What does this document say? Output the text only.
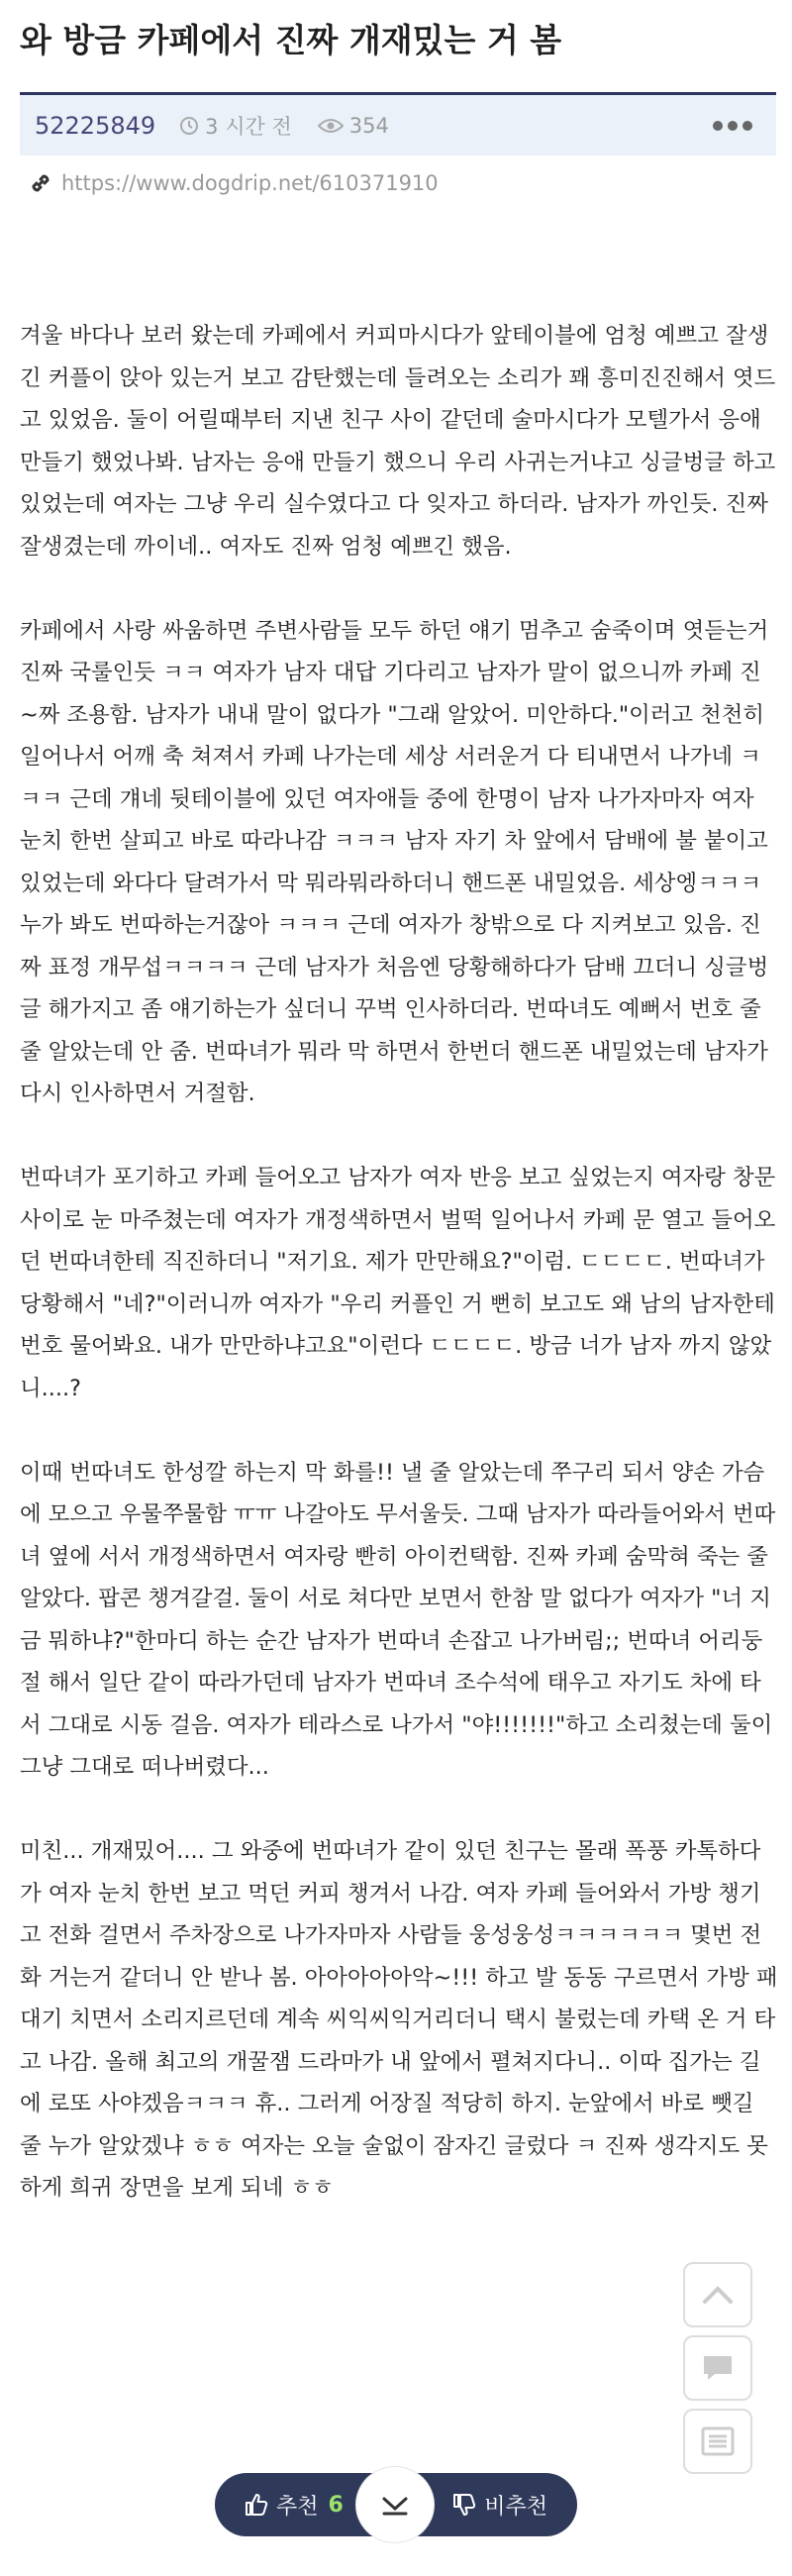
와 방금 카페에서 진짜 개재밌는 거 봄
52225849 3 시간 전	354
https://www.dogdrip.net/610371910

겨울 바다나 보러 왔는데 카페에서 커피마시다가 앞테이블에 엄청 예쁘고 잘생긴 커플이 앉아 있는거 보고 감탄했는데 들려오는 소리가 꽤 흥미진진해서 엿드고 있었음. 둘이 어릴때부터 지낸 친구 사이 같던데 술마시다가 모텔가서 응애 만들기 했었나봐. 남자는 응애 만들기 했으니 우리 사귀는거냐고 싱글벙글 하고 있었는데 여자는 그냥 우리 실수였다고 다 잊자고 하더라. 남자가 까인듯. 진짜 잘생겼는데 까이네.. 여자도 진짜 엄청 예쁘긴 했음.

카페에서 사랑 싸움하면 주변사람들 모두 하던 얘기 멈추고 숨죽이며 엿듣는거 진짜 국룰인듯 ㅋㅋ 여자가 남자 대답 기다리고 남자가 말이 없으니까 카페 진~짜 조용함. 남자가 내내 말이 없다가 "그래 알았어. 미안하다."이러고 천천히 일어나서 어깨 축 쳐져서 카페 나가는데 세상 서러운거 다 티내면서 나가네 ㅋㅋㅋ 근데 걔네 뒷테이블에 있던 여자애들 중에 한명이 남자 나가자마자 여자 눈치 한번 살피고 바로 따라나감 ㅋㅋㅋ 남자 자기 차 앞에서 담배에 불 붙이고 있었는데 와다다 달려가서 막 뭐라뭐라하더니 핸드폰 내밀었음. 세상엥ㅋㅋㅋ 누가 봐도 번따하는거잖아 ㅋㅋㅋ 근데 여자가 창밖으로 다 지켜보고 있음. 진짜 표정 개무섭ㅋㅋㅋㅋ 근데 남자가 처음엔 당황해하다가 담배 끄더니 싱글벙글 해가지고 좀 얘기하는가 싶더니 꾸벅 인사하더라. 번따녀도 예뻐서 번호 줄 줄 알았는데 안 줌. 번따녀가 뭐라 막 하면서 한번더 핸드폰 내밀었는데 남자가 다시 인사하면서 거절함.

번따녀가 포기하고 카페 들어오고 남자가 여자 반응 보고 싶었는지 여자랑 창문 사이로 눈 마주쳤는데 여자가 개정색하면서 벌떡 일어나서 카페 문 열고 들어오던 번따녀한테 직진하더니 "저기요. 제가 만만해요?"이럼. ㄷㄷㄷㄷ. 번따녀가 당황해서 "네?"이러니까 여자가 "우리 커플인 거 뻔히 보고도 왜 남의 남자한테 번호 물어봐요. 내가 만만하냐고요"이런다 ㄷㄷㄷㄷ. 방금 너가 남자 까지 않았니....?

이때 번따녀도 한성깔 하는지 막 화를!! 낼 줄 알았는데 쭈구리 되서 양손 가슴에 모으고 우물쭈물함 ㅠㅠ 나갈아도 무서울듯. 그때 남자가 따라들어와서 번따녀 옆에 서서 개정색하면서 여자랑 빤히 아이컨택함. 진짜 카페 숨막혀 죽는 줄 알았다. 팝콘 챙겨갈걸. 둘이 서로 쳐다만 보면서 한참 말 없다가 여자가 "너 지금 뭐하냐?"한마디 하는 순간 남자가 번따녀 손잡고 나가버림;; 번따녀 어리둥절 해서 일단 같이 따라가던데 남자가 번따녀 조수석에 태우고 자기도 차에 타서 그대로 시동 걸음. 여자가 테라스로 나가서 "야!!!!!!!"하고 소리쳤는데 둘이 그냥 그대로 떠나버렸다...

미친... 개재밌어.... 그 와중에 번따녀가 같이 있던 친구는 몰래 폭풍 카톡하다가 여자 눈치 한번 보고 먹던 커피 챙겨서 나감. 여자 카페 들어와서 가방 챙기고 전화 걸면서 주차장으로 나가자마자 사람들 웅성웅성ㅋㅋㅋㅋㅋㅋ 몇번 전화 거는거 같더니 안 받나 봄. 아아아아아악~!!! 하고 발 동동 구르면서 가방 패대기 치면서 소리지르던데 계속 씨익씨익거리더니 택시 불렀는데 카택 온 거 타고 나감. 올해 최고의 개꿀잼 드라마가 내 앞에서 펼쳐지다니.. 이따 집가는 길에 로또 사야겠음ㅋㅋㅋ 휴.. 그러게 어장질 적당히 하지. 눈앞에서 바로 뺏길 줄 누가 알았겠냐 ㅎㅎ 여자는 오늘 술없이 잠자긴 글렀다 ㅋ 진짜 생각지도 못하게 희귀 장면을 보게 되네 ㅎㅎ

추천 6	비추천
